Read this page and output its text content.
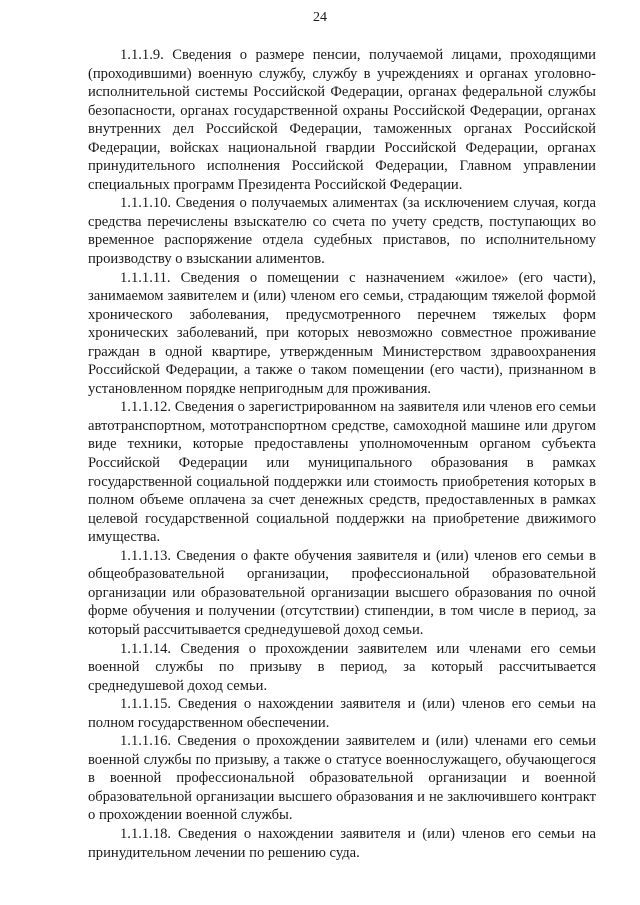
24

1.1.1.9. Сведения о размере пенсии, получаемой лицами, проходящими (проходившими) военную службу, службу в учреждениях и органах уголовно-исполнительной системы Российской Федерации, органах федеральной службы безопасности, органах государственной охраны Российской Федерации, органах внутренних дел Российской Федерации, таможенных органах Российской Федерации, войсках национальной гвардии Российской Федерации, органах принудительного исполнения Российской Федерации, Главном управлении специальных программ Президента Российской Федерации.

1.1.1.10. Сведения о получаемых алиментах (за исключением случая, когда средства перечислены взыскателю со счета по учету средств, поступающих во временное распоряжение отдела судебных приставов, по исполнительному производству о взыскании алиментов.

1.1.1.11. Сведения о помещении с назначением «жилое» (его части), занимаемом заявителем и (или) членом его семьи, страдающим тяжелой формой хронического заболевания, предусмотренного перечнем тяжелых форм хронических заболеваний, при которых невозможно совместное проживание граждан в одной квартире, утвержденным Министерством здравоохранения Российской Федерации, а также о таком помещении (его части), признанном в установленном порядке непригодным для проживания.

1.1.1.12. Сведения о зарегистрированном на заявителя или членов его семьи автотранспортном, мототранспортном средстве, самоходной машине или другом виде техники, которые предоставлены уполномоченным органом субъекта Российской Федерации или муниципального образования в рамках государственной социальной поддержки или стоимость приобретения которых в полном объеме оплачена за счет денежных средств, предоставленных в рамках целевой государственной социальной поддержки на приобретение движимого имущества.

1.1.1.13. Сведения о факте обучения заявителя и (или) членов его семьи в общеобразовательной организации, профессиональной образовательной организации или образовательной организации высшего образования по очной форме обучения и получении (отсутствии) стипендии, в том числе в период, за который рассчитывается среднедушевой доход семьи.

1.1.1.14. Сведения о прохождении заявителем или членами его семьи военной службы по призыву в период, за который рассчитывается среднедушевой доход семьи.

1.1.1.15. Сведения о нахождении заявителя и (или) членов его семьи на полном государственном обеспечении.

1.1.1.16. Сведения о прохождении заявителем и (или) членами его семьи военной службы по призыву, а также о статусе военнослужащего, обучающегося в военной профессиональной образовательной организации и военной образовательной организации высшего образования и не заключившего контракт о прохождении военной службы.

1.1.1.18. Сведения о нахождении заявителя и (или) членов его семьи на принудительном лечении по решению суда.
